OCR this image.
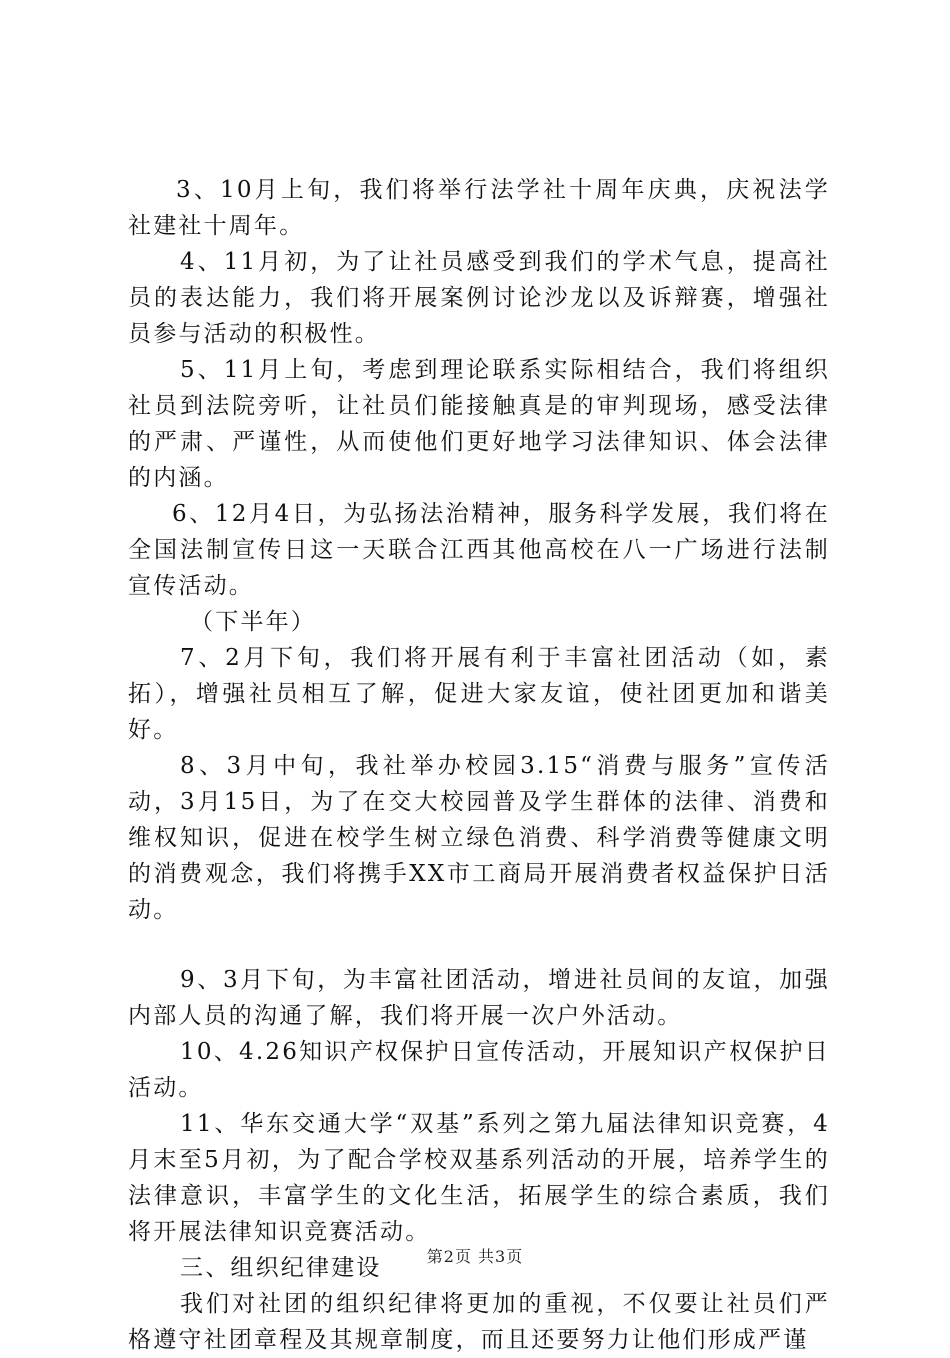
3、10月上旬，我们将举行法学社十周年庆典，庆祝法学社建社十周年。

4、11月初，为了让社员感受到我们的学术气息，提高社员的表达能力，我们将开展案例讨论沙龙以及诉辩赛，增强社员参与活动的积极性。

5、11月上旬，考虑到理论联系实际相结合，我们将组织社员到法院旁听，让社员们能接触真是的审判现场，感受法律的严肃、严谨性，从而使他们更好地学习法律知识、体会法律的内涵。

6、12月4日，为弘扬法治精神，服务科学发展，我们将在全国法制宣传日这一天联合江西其他高校在八一广场进行法制宣传活动。

（下半年）

7、2月下旬，我们将开展有利于丰富社团活动（如，素拓），增强社员相互了解，促进大家友谊，使社团更加和谐美好。

8、3月中旬，我社举办校园3.15“消费与服务”宣传活动，3月15日，为了在交大校园普及学生群体的法律、消费和维权知识，促进在校学生树立绿色消费、科学消费等健康文明的消费观念，我们将携手XX市工商局开展消费者权益保护日活动。

9、3月下旬，为丰富社团活动，增进社员间的友谊，加强内部人员的沟通了解，我们将开展一次户外活动。

10、4.26知识产权保护日宣传活动，开展知识产权保护日活动。

11、华东交通大学“双基”系列之第九届法律知识竞赛，4月末至5月初，为了配合学校双基系列活动的开展，培养学生的法律意识，丰富学生的文化生活，拓展学生的综合素质，我们将开展法律知识竞赛活动。

三、组织纪律建设

我们对社团的组织纪律将更加的重视，不仅要让社员们严格遵守社团章程及其规章制度，而且还要努力让他们形成严谨

第2页 共3页
